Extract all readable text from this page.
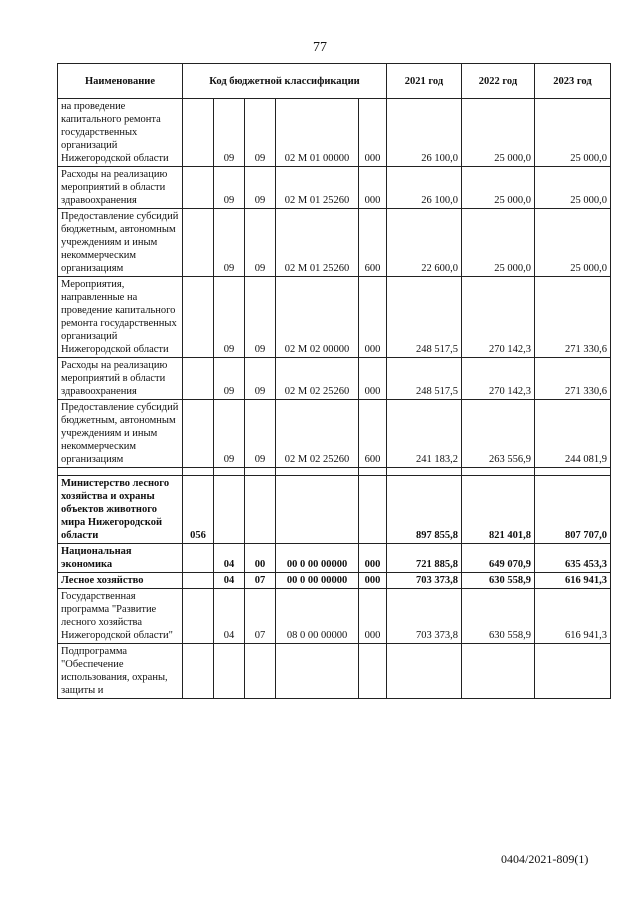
77
Наименование	Код бюджетной классификации					2021 год	2022 год	2023 год
на проведение капитального ремонта государственных организаций Нижегородской области		09	09	02 М 01 00000	000	26 100,0	25 000,0	25 000,0
Расходы на реализацию мероприятий в области здравоохранения		09	09	02 М 01 25260	000	26 100,0	25 000,0	25 000,0
Предоставление субсидий бюджетным, автономным учреждениям и иным некоммерческим организациям		09	09	02 М 01 25260	600	22 600,0	25 000,0	25 000,0
Мероприятия, направленные на проведение капитального ремонта государственных организаций Нижегородской области		09	09	02 М 02 00000	000	248 517,5	270 142,3	271 330,6
Расходы на реализацию мероприятий в области здравоохранения		09	09	02 М 02 25260	000	248 517,5	270 142,3	271 330,6
Предоставление субсидий бюджетным, автономным учреждениям и иным некоммерческим организациям		09	09	02 М 02 25260	600	241 183,2	263 556,9	244 081,9

Министерство лесного хозяйства и охраны объектов животного мира Нижегородской области	056					897 855,8	821 401,8	807 707,0
Национальная экономика		04	00	00 0 00 00000	000	721 885,8	649 070,9	635 453,3
Лесное хозяйство		04	07	00 0 00 00000	000	703 373,8	630 558,9	616 941,3
Государственная программа "Развитие лесного хозяйства Нижегородской области"		04	07	08 0 00 00000	000	703 373,8	630 558,9	616 941,3
Подпрограмма "Обеспечение использования, охраны, защиты и								
0404/2021-809(1)
